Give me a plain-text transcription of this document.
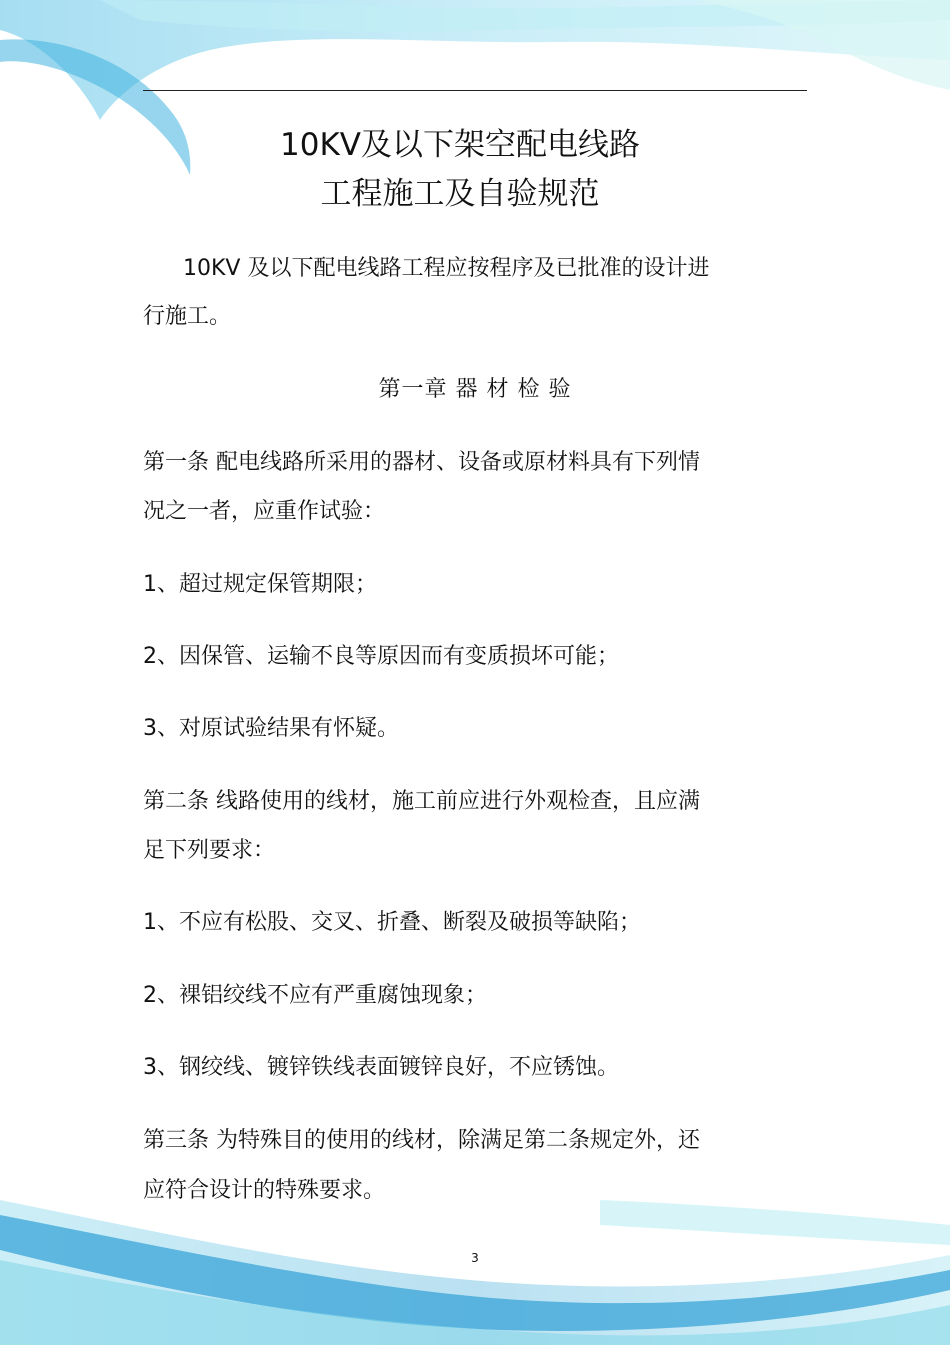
10KV及以下架空配电线路
工程施工及自验规范
10KV 及以下配电线路工程应按程序及已批准的设计进
行施工。
第一章 器 材 检 验
第一条 配电线路所采用的器材、设备或原材料具有下列情
况之一者，应重作试验：
1、超过规定保管期限；
2、因保管、运输不良等原因而有变质损坏可能；
3、对原试验结果有怀疑。
第二条 线路使用的线材，施工前应进行外观检查，且应满
足下列要求：
1、不应有松股、交叉、折叠、断裂及破损等缺陷；
2、裸铝绞线不应有严重腐蚀现象；
3、钢绞线、镀锌铁线表面镀锌良好，不应锈蚀。
第三条 为特殊目的使用的线材，除满足第二条规定外，还
应符合设计的特殊要求。
3
